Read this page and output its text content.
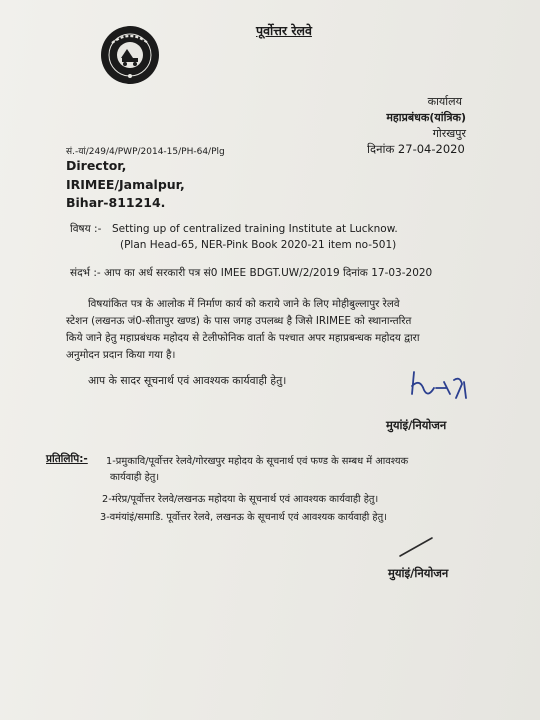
पूर्वोत्तर रेलवे
कार्यालय
महाप्रबंधक(यांत्रिक)
गोरखपुर
सं.-यां/249/4/PWP/2014-15/PH-64/Plg	दिनांक 27-04-2020
Director,
IRIMEE/Jamalpur,
Bihar-811214.
विषय :- Setting up of centralized training Institute at Lucknow.
(Plan Head-65, NER-Pink Book 2020-21 item no-501)
संदर्भ :- आप का अर्ध सरकारी पत्र सं0 IMEE BDGT.UW/2/2019 दिनांक 17-03-2020
विषयांकित पत्र के आलोक में निर्माण कार्य को कराये जाने के लिए मोहीबुल्लापुर रेलवे
स्टेशन (लखनऊ जं0-सीतापुर खण्ड) के पास जगह उपलब्ध है जिसे IRIMEE को स्थानान्तरित
किये जाने हेतु महाप्रबंधक महोदय से टेलीफोनिक वार्ता के पश्चात अपर महाप्रबन्धक महोदय द्वारा
अनुमोदन प्रदान किया गया है।
आप के सादर सूचनार्थ एवं आवश्यक कार्यवाही हेतु।
मुयांइं/नियोजन
प्रतिलिपि:- 1-प्रमुकावि/पूर्वोत्तर रेलवे/गोरखपुर महोदय के सूचनार्थ एवं फण्ड के सम्बध में आवश्यक
कार्यवाही हेतु।
2-मंरेप्र/पूर्वोत्तर रेलवे/लखनऊ महोदया के सूचनार्थ एवं आवश्यक कार्यवाही हेतु।
3-वमंयांइं/समाडि. पूर्वोत्तर रेलवे, लखनऊ के सूचनार्थ एवं आवश्यक कार्यवाही हेतु।
मुयांइं/नियोजन
